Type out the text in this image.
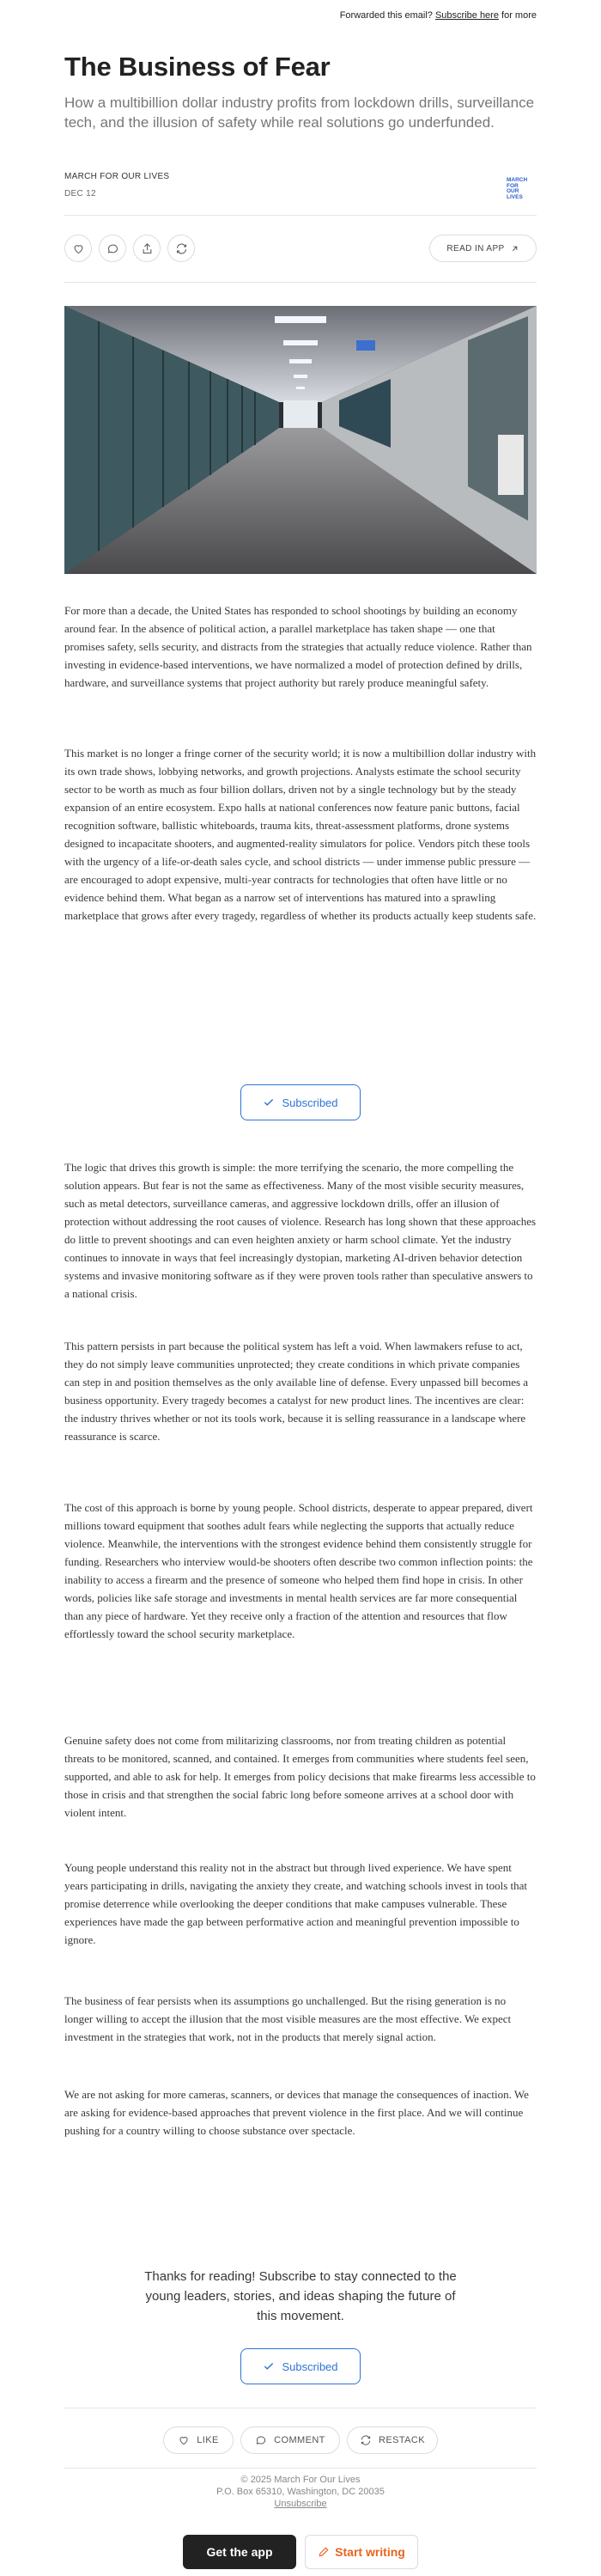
Forwarded this email? Subscribe here for more
The Business of Fear

How a multibillion dollar industry profits from lockdown drills, surveillance tech, and the illusion of safety while real solutions go underfunded.

MARCH FOR OUR LIVES
DEC 12
MARCH FOR OUR LIVES
READ IN APP

For more than a decade, the United States has responded to school shootings by building an economy around fear. In the absence of political action, a parallel marketplace has taken shape — one that promises safety, sells security, and distracts from the strategies that actually reduce violence. Rather than investing in evidence-based interventions, we have normalized a model of protection defined by drills, hardware, and surveillance systems that project authority but rarely produce meaningful safety.

This market is no longer a fringe corner of the security world; it is now a multibillion dollar industry with its own trade shows, lobbying networks, and growth projections. Analysts estimate the school security sector to be worth as much as four billion dollars, driven not by a single technology but by the steady expansion of an entire ecosystem. Expo halls at national conferences now feature panic buttons, facial recognition software, ballistic whiteboards, trauma kits, threat-assessment platforms, drone systems designed to incapacitate shooters, and augmented-reality simulators for police. Vendors pitch these tools with the urgency of a life-or-death sales cycle, and school districts — under immense public pressure — are encouraged to adopt expensive, multi-year contracts for technologies that often have little or no evidence behind them. What began as a narrow set of interventions has matured into a sprawling marketplace that grows after every tragedy, regardless of whether its products actually keep students safe.

Subscribed

The logic that drives this growth is simple: the more terrifying the scenario, the more compelling the solution appears. But fear is not the same as effectiveness. Many of the most visible security measures, such as metal detectors, surveillance cameras, and aggressive lockdown drills, offer an illusion of protection without addressing the root causes of violence. Research has long shown that these approaches do little to prevent shootings and can even heighten anxiety or harm school climate. Yet the industry continues to innovate in ways that feel increasingly dystopian, marketing AI-driven behavior detection systems and invasive monitoring software as if they were proven tools rather than speculative answers to a national crisis.

This pattern persists in part because the political system has left a void. When lawmakers refuse to act, they do not simply leave communities unprotected; they create conditions in which private companies can step in and position themselves as the only available line of defense. Every unpassed bill becomes a business opportunity. Every tragedy becomes a catalyst for new product lines. The incentives are clear: the industry thrives whether or not its tools work, because it is selling reassurance in a landscape where reassurance is scarce.

The cost of this approach is borne by young people. School districts, desperate to appear prepared, divert millions toward equipment that soothes adult fears while neglecting the supports that actually reduce violence. Meanwhile, the interventions with the strongest evidence behind them consistently struggle for funding. Researchers who interview would-be shooters often describe two common inflection points: the inability to access a firearm and the presence of someone who helped them find hope in crisis. In other words, policies like safe storage and investments in mental health services are far more consequential than any piece of hardware. Yet they receive only a fraction of the attention and resources that flow effortlessly toward the school security marketplace.

Genuine safety does not come from militarizing classrooms, nor from treating children as potential threats to be monitored, scanned, and contained. It emerges from communities where students feel seen, supported, and able to ask for help. It emerges from policy decisions that make firearms less accessible to those in crisis and that strengthen the social fabric long before someone arrives at a school door with violent intent.

Young people understand this reality not in the abstract but through lived experience. We have spent years participating in drills, navigating the anxiety they create, and watching schools invest in tools that promise deterrence while overlooking the deeper conditions that make campuses vulnerable. These experiences have made the gap between performative action and meaningful prevention impossible to ignore.

The business of fear persists when its assumptions go unchallenged. But the rising generation is no longer willing to accept the illusion that the most visible measures are the most effective. We expect investment in the strategies that work, not in the products that merely signal action.

We are not asking for more cameras, scanners, or devices that manage the consequences of inaction. We are asking for evidence-based approaches that prevent violence in the first place. And we will continue pushing for a country willing to choose substance over spectacle.

Thanks for reading! Subscribe to stay connected to the young leaders, stories, and ideas shaping the future of this movement.

Subscribed
LIKE	COMMENT	RESTACK
© 2025 March For Our Lives
P.O. Box 65310, Washington, DC 20035
Unsubscribe
Get the app	Start writing
